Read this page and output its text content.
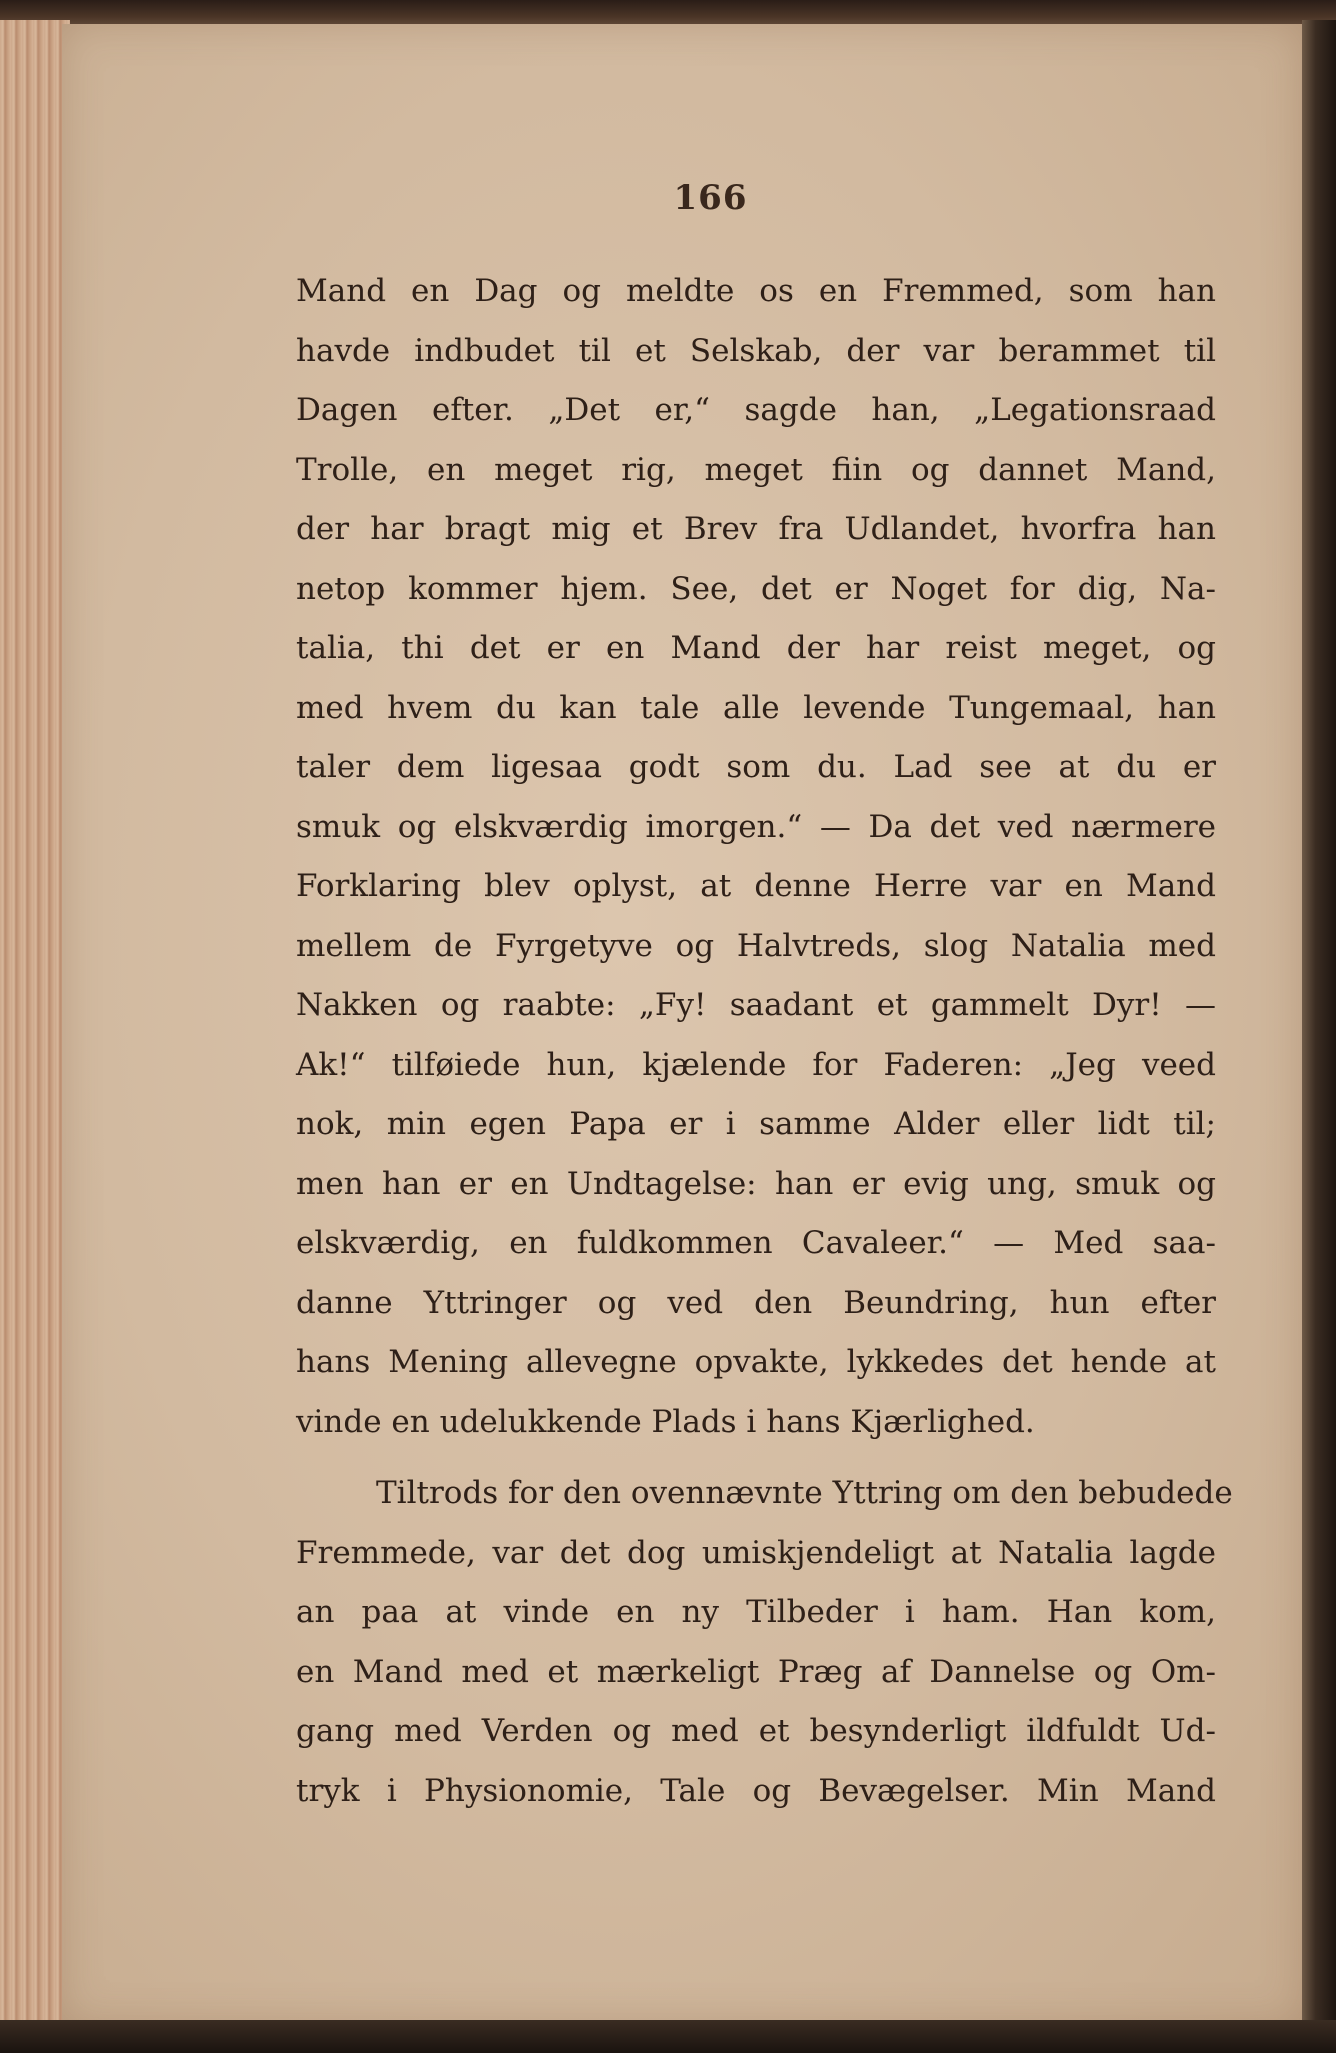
166
Mand en Dag og meldte os en Fremmed, som han
havde indbudet til et Selskab, der var berammet til
Dagen efter. „Det er,“ sagde han, „Legationsraad
Trolle, en meget rig, meget fiin og dannet Mand,
der har bragt mig et Brev fra Udlandet, hvorfra han
netop kommer hjem. See, det er Noget for dig, Na-
talia, thi det er en Mand der har reist meget, og
med hvem du kan tale alle levende Tungemaal, han
taler dem ligesaa godt som du. Lad see at du er
smuk og elskværdig imorgen.“ — Da det ved nærmere
Forklaring blev oplyst, at denne Herre var en Mand
mellem de Fyrgetyve og Halvtreds, slog Natalia med
Nakken og raabte: „Fy! saadant et gammelt Dyr! —
Ak!“ tilføiede hun, kjælende for Faderen: „Jeg veed
nok, min egen Papa er i samme Alder eller lidt til;
men han er en Undtagelse: han er evig ung, smuk og
elskværdig, en fuldkommen Cavaleer.“ — Med saa-
danne Yttringer og ved den Beundring, hun efter
hans Mening allevegne opvakte, lykkedes det hende at
vinde en udelukkende Plads i hans Kjærlighed.
Tiltrods for den ovennævnte Yttring om den bebudede
Fremmede, var det dog umiskjendeligt at Natalia lagde
an paa at vinde en ny Tilbeder i ham. Han kom,
en Mand med et mærkeligt Præg af Dannelse og Om-
gang med Verden og med et besynderligt ildfuldt Ud-
tryk i Physionomie, Tale og Bevægelser. Min Mand
